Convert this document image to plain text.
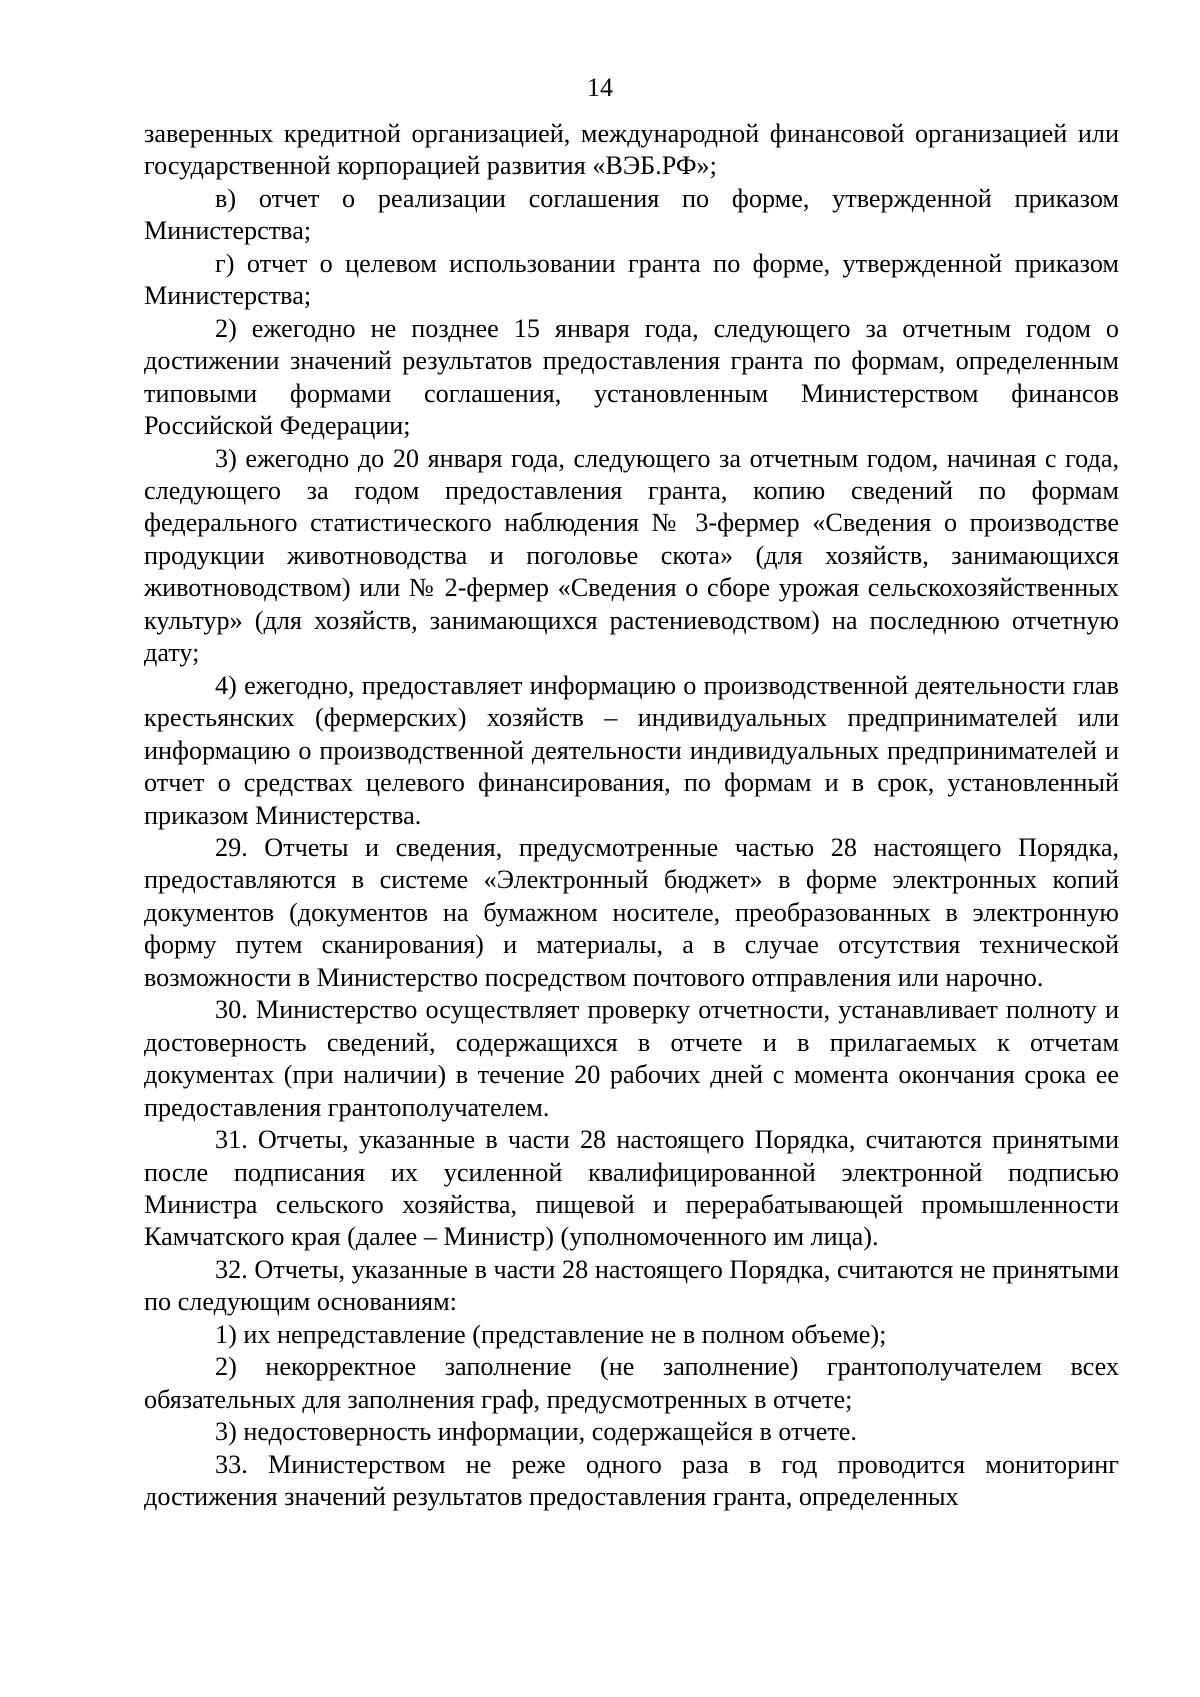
14

заверенных кредитной организацией, международной финансовой организацией или государственной корпорацией развития «ВЭБ.РФ»;

в) отчет о реализации соглашения по форме, утвержденной приказом Министерства;

г) отчет о целевом использовании гранта по форме, утвержденной приказом Министерства;

2) ежегодно не позднее 15 января года, следующего за отчетным годом о достижении значений результатов предоставления гранта по формам, определенным типовыми формами соглашения, установленным Министерством финансов Российской Федерации;

3) ежегодно до 20 января года, следующего за отчетным годом, начиная с года, следующего за годом предоставления гранта, копию сведений по формам федерального статистического наблюдения № 3-фермер «Сведения о производстве продукции животноводства и поголовье скота» (для хозяйств, занимающихся животноводством) или № 2-фермер «Сведения о сборе урожая сельскохозяйственных культур» (для хозяйств, занимающихся растениеводством) на последнюю отчетную дату;

4) ежегодно, предоставляет информацию о производственной деятельности глав крестьянских (фермерских) хозяйств – индивидуальных предпринимателей или информацию о производственной деятельности индивидуальных предпринимателей и отчет о средствах целевого финансирования, по формам и в срок, установленный приказом Министерства.

29. Отчеты и сведения, предусмотренные частью 28 настоящего Порядка, предоставляются в системе «Электронный бюджет» в форме электронных копий документов (документов на бумажном носителе, преобразованных в электронную форму путем сканирования) и материалы, а в случае отсутствия технической возможности в Министерство посредством почтового отправления или нарочно.

30. Министерство осуществляет проверку отчетности, устанавливает полноту и достоверность сведений, содержащихся в отчете и в прилагаемых к отчетам документах (при наличии) в течение 20 рабочих дней с момента окончания срока ее предоставления грантополучателем.

31. Отчеты, указанные в части 28 настоящего Порядка, считаются принятыми после подписания их усиленной квалифицированной электронной подписью Министра сельского хозяйства, пищевой и перерабатывающей промышленности Камчатского края (далее – Министр) (уполномоченного им лица).

32. Отчеты, указанные в части 28 настоящего Порядка, считаются не принятыми по следующим основаниям:

1) их непредставление (представление не в полном объеме);

2) некорректное заполнение (не заполнение) грантополучателем всех обязательных для заполнения граф, предусмотренных в отчете;

3) недостоверность информации, содержащейся в отчете.

33. Министерством не реже одного раза в год проводится мониторинг достижения значений результатов предоставления гранта, определенных
